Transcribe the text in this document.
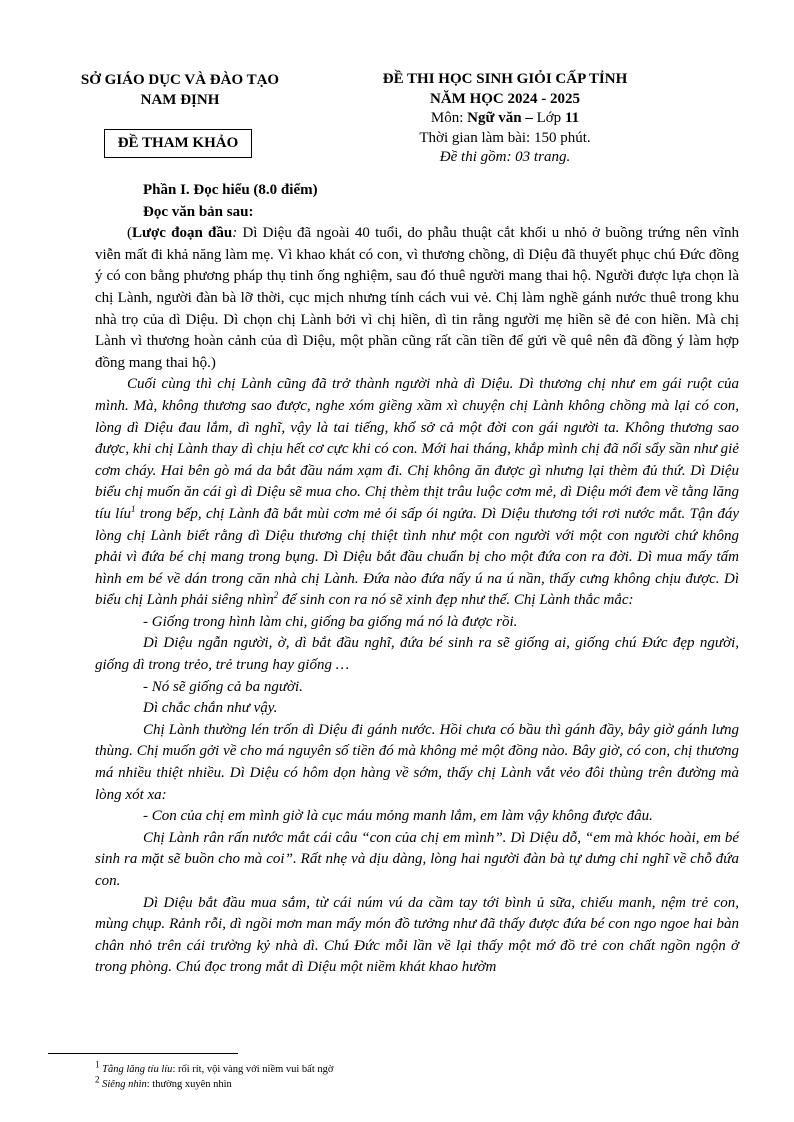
SỞ GIÁO DỤC VÀ ĐÀO TẠO
NAM ĐỊNH
ĐỀ THAM KHẢO
ĐỀ THI HỌC SINH GIỎI CẤP TỈNH
NĂM HỌC 2024 - 2025
Môn: Ngữ văn – Lớp 11
Thời gian làm bài: 150 phút.
Đề thi gồm: 03 trang.

Phần I. Đọc hiểu (8.0 điểm)

Đọc văn bản sau:

(Lược đoạn đầu: Dì Diệu đã ngoài 40 tuổi, do phẫu thuật cắt khối u nhỏ ở buồng trứng nên vĩnh viễn mất đi khả năng làm mẹ. Vì khao khát có con, vì thương chồng, dì Diệu đã thuyết phục chú Đức đồng ý có con bằng phương pháp thụ tinh ống nghiệm, sau đó thuê người mang thai hộ. Người được lựa chọn là chị Lành, người đàn bà lỡ thời, cục mịch nhưng tính cách vui vẻ. Chị làm nghề gánh nước thuê trong khu nhà trọ của dì Diệu. Dì chọn chị Lành bởi vì chị hiền, dì tin rằng người mẹ hiền sẽ đẻ con hiền. Mà chị Lành vì thương hoàn cảnh của dì Diệu, một phần cũng rất cần tiền để gửi về quê nên đã đồng ý làm hợp đồng mang thai hộ.)

Cuối cùng thì chị Lành cũng đã trở thành người nhà dì Diệu. Dì thương chị như em gái ruột của mình. Mà, không thương sao được, nghe xóm giềng xầm xì chuyện chị Lành không chồng mà lại có con, lòng dì Diệu đau lắm, dì nghĩ, vậy là tai tiếng, khổ sở cả một đời con gái người ta. Không thương sao được, khi chị Lành thay dì chịu hết cơ cực khi có con. Mới hai tháng, khắp mình chị đã nổi sẩy sần như giẻ cơm cháy. Hai bên gò má da bắt đầu nám xạm đi. Chị không ăn được gì nhưng lại thèm đủ thứ. Dì Diệu biểu chị muốn ăn cái gì dì Diệu sẽ mua cho. Chị thèm thịt trâu luộc cơm mẻ, dì Diệu mới đem về tằng lăng tíu líu$^1$ trong bếp, chị Lành đã bắt mùi cơm mẻ ói sấp ói ngửa. Dì Diệu thương tới rơi nước mắt. Tận đáy lòng chị Lành biết rằng dì Diệu thương chị thiệt tình như một con người với một con người chứ không phải vì đứa bé chị mang trong bụng. Dì Diệu bắt đầu chuẩn bị cho một đứa con ra đời. Dì mua mấy tấm hình em bé về dán trong căn nhà chị Lành. Đứa nào đứa nấy ú na ú nần, thấy cưng không chịu được. Dì biểu chị Lành phải siêng nhìn$^2$ để sinh con ra nó sẽ xinh đẹp như thế. Chị Lành thắc mắc:

- Giống trong hình làm chi, giống ba giống má nó là được rồi.

Dì Diệu ngẫn người, ờ, dì bắt đầu nghĩ, đứa bé sinh ra sẽ giống ai, giống chú Đức đẹp người, giống dì trong trẻo, trẻ trung hay giống …

- Nó sẽ giống cả ba người.

Dì chắc chắn như vậy.

Chị Lành thường lén trốn dì Diệu đi gánh nước. Hồi chưa có bầu thì gánh đầy, bây giờ gánh lưng thùng. Chị muốn gởi về cho má nguyên số tiền đó mà không mẻ một đồng nào. Bây giờ, có con, chị thương má nhiều thiệt nhiều. Dì Diệu có hôm dọn hàng về sớm, thấy chị Lành vắt vẻo đôi thùng trên đường mà lòng xót xa:

- Con của chị em mình giờ là cục máu mỏng manh lắm, em làm vậy không được đâu.

Chị Lành rân rấn nước mắt cái câu “con của chị em mình”. Dì Diệu dỗ, “em mà khóc hoài, em bé sinh ra mặt sẽ buồn cho mà coi”. Rất nhẹ và dịu dàng, lòng hai người đàn bà tự dưng chỉ nghĩ về chỗ đứa con.

Dì Diệu bắt đầu mua sắm, từ cái núm vú da cầm tay tới bình ủ sữa, chiếu manh, nệm trẻ con, mùng chụp. Rảnh rỗi, dì ngồi mơn man mấy món đồ tưởng như đã thấy được đứa bé con ngo ngoe hai bàn chân nhỏ trên cái trường kỷ nhà dì. Chú Đức mỗi lần về lại thấy một mớ đồ trẻ con chất ngồn ngộn ở trong phòng. Chú đọc trong mắt dì Diệu một niềm khát khao hườm

$^1$ Tằng lăng tíu líu: rối rít, vội vàng với niềm vui bất ngờ
$^2$ Siêng nhìn: thường xuyên nhìn
